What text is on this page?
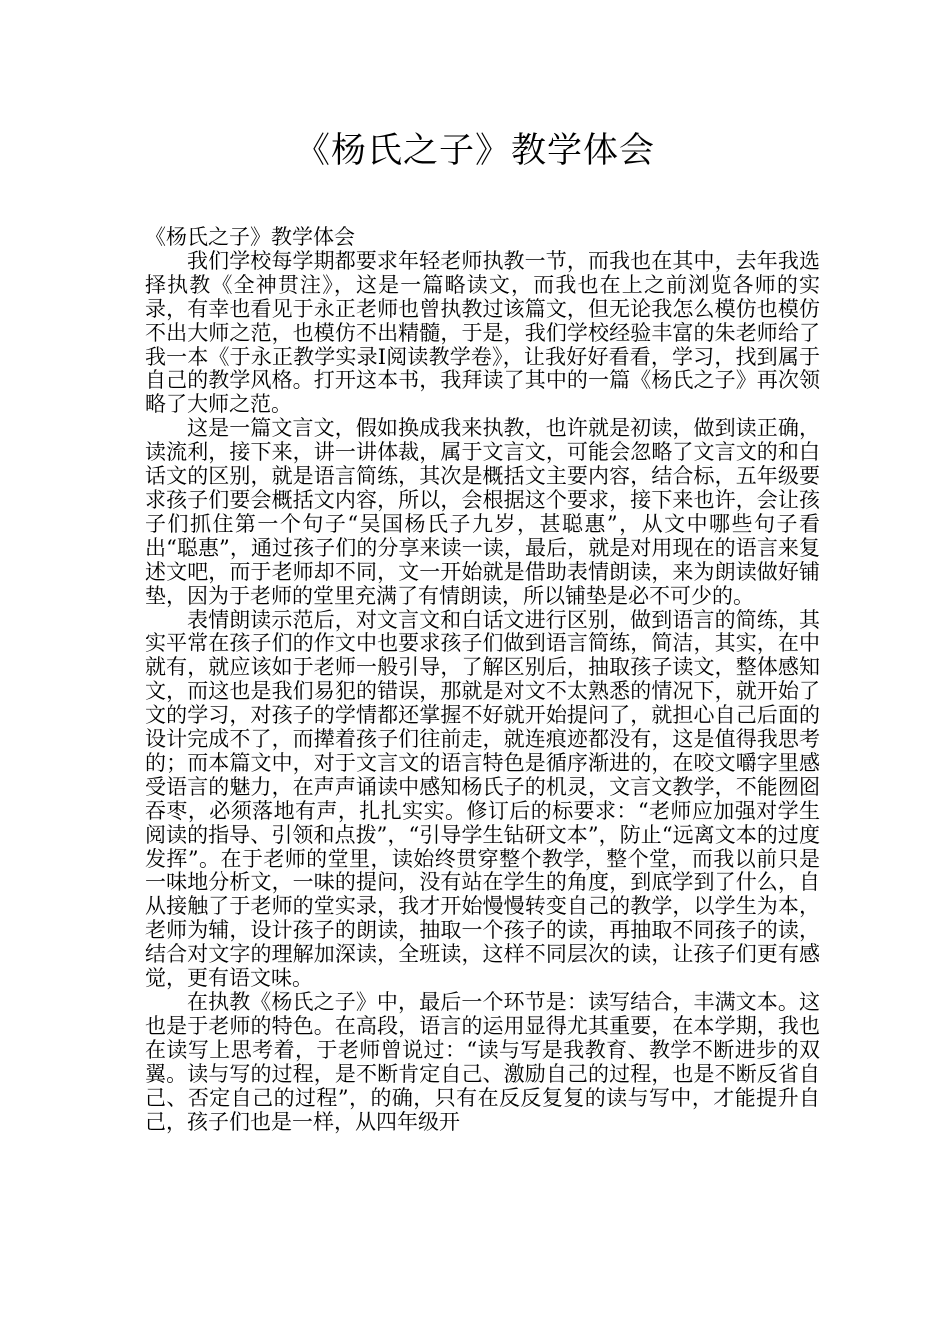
《杨氏之子》教学体会

《杨氏之子》教学体会

我们学校每学期都要求年轻老师执教一节，而我也在其中，去年我选择执教《全神贯注》，这是一篇略读文，而我也在上之前浏览各师的实录，有幸也看见于永正老师也曾执教过该篇文，但无论我怎么模仿也模仿不出大师之范，也模仿不出精髓，于是，我们学校经验丰富的朱老师给了我一本《于永正教学实录Ⅰ阅读教学卷》，让我好好看看，学习，找到属于自己的教学风格。打开这本书，我拜读了其中的一篇《杨氏之子》再次领略了大师之范。

这是一篇文言文，假如换成我来执教，也许就是初读，做到读正确，读流利，接下来，讲一讲体裁，属于文言文，可能会忽略了文言文的和白话文的区别，就是语言简练，其次是概括文主要内容，结合标，五年级要求孩子们要会概括文内容，所以，会根据这个要求，接下来也许，会让孩子们抓住第一个句子“吴国杨氏子九岁，甚聪惠”，从文中哪些句子看出“聪惠”，通过孩子们的分享来读一读，最后，就是对用现在的语言来复述文吧，而于老师却不同，文一开始就是借助表情朗读，来为朗读做好铺垫，因为于老师的堂里充满了有情朗读，所以铺垫是必不可少的。

表情朗读示范后，对文言文和白话文进行区别，做到语言的简练，其实平常在孩子们的作文中也要求孩子们做到语言简练，简洁，其实，在中就有，就应该如于老师一般引导，了解区别后，抽取孩子读文，整体感知文，而这也是我们易犯的错误，那就是对文不太熟悉的情况下，就开始了文的学习，对孩子的学情都还掌握不好就开始提问了，就担心自己后面的设计完成不了，而撵着孩子们往前走，就连痕迹都没有，这是值得我思考的；而本篇文中，对于文言文的语言特色是循序渐进的，在咬文嚼字里感受语言的魅力，在声声诵读中感知杨氏子的机灵，文言文教学，不能囫囵吞枣，必须落地有声，扎扎实实。修订后的标要求：“老师应加强对学生阅读的指导、引领和点拨”，“引导学生钻研文本”，防止“远离文本的过度发挥”。在于老师的堂里，读始终贯穿整个教学，整个堂，而我以前只是一味地分析文，一味的提问，没有站在学生的角度，到底学到了什么，自从接触了于老师的堂实录，我才开始慢慢转变自己的教学，以学生为本，老师为辅，设计孩子的朗读，抽取一个孩子的读，再抽取不同孩子的读，结合对文字的理解加深读，全班读，这样不同层次的读，让孩子们更有感觉，更有语文味。

在执教《杨氏之子》中，最后一个环节是：读写结合，丰满文本。这也是于老师的特色。在高段，语言的运用显得尤其重要，在本学期，我也在读写上思考着，于老师曾说过：“读与写是我教育、教学不断进步的双翼。读与写的过程，是不断肯定自己、激励自己的过程，也是不断反省自己、否定自己的过程”，的确，只有在反反复复的读与写中，才能提升自己，孩子们也是一样，从四年级开
